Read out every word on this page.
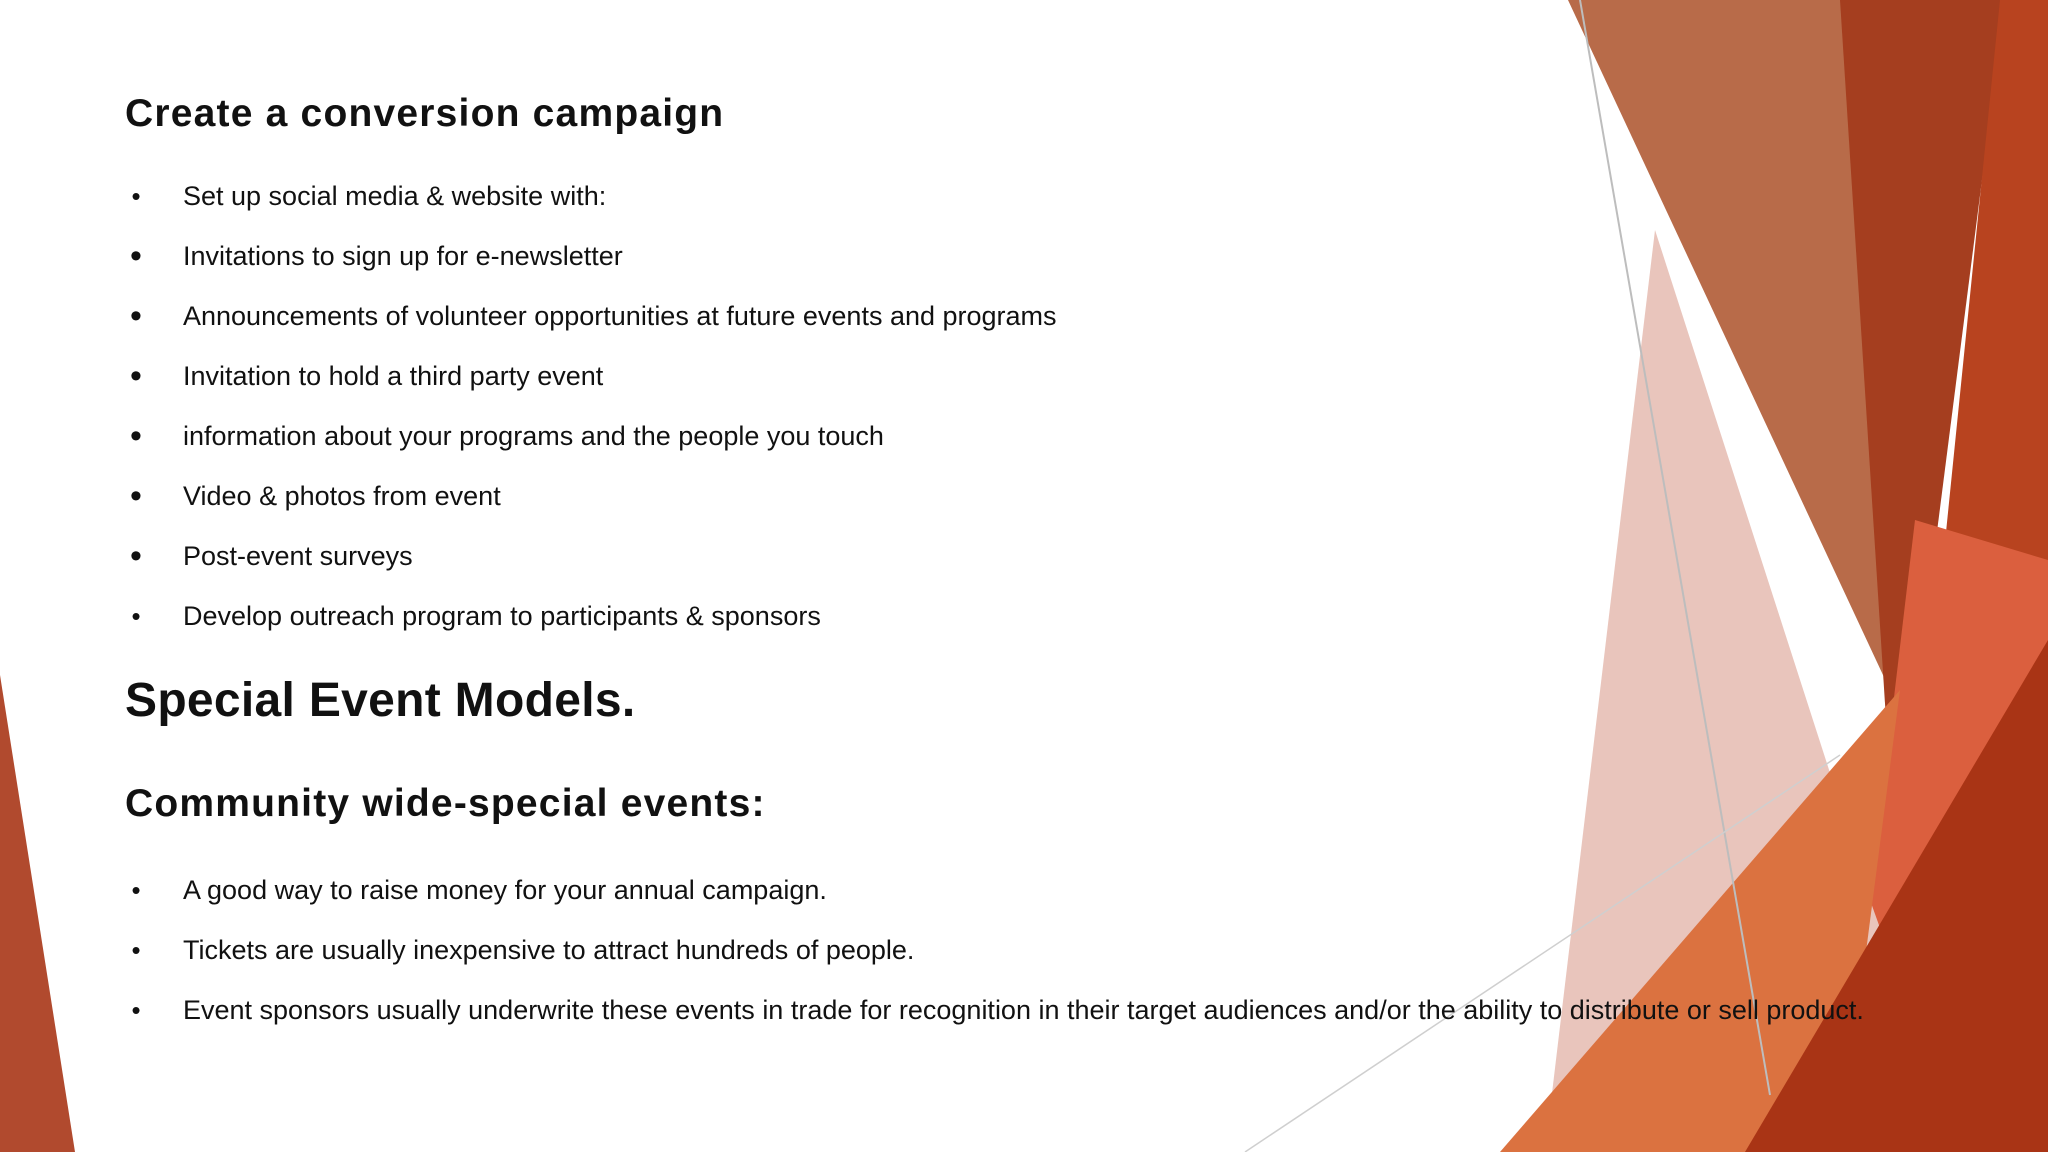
Create a conversion campaign
• Set up social media & website with:
• Invitations to sign up for e-newsletter
• Announcements of volunteer opportunities at future events and programs
• Invitation to hold a third party event
• information about your programs and the people you touch
• Video & photos from event
• Post-event surveys
• Develop outreach program to participants & sponsors
Special Event Models.
Community wide-special events:
• A good way to raise money for your annual campaign.
• Tickets are usually inexpensive to attract hundreds of people.
• Event sponsors usually underwrite these events in trade for recognition in their target audiences and/or the ability to distribute or sell product.
